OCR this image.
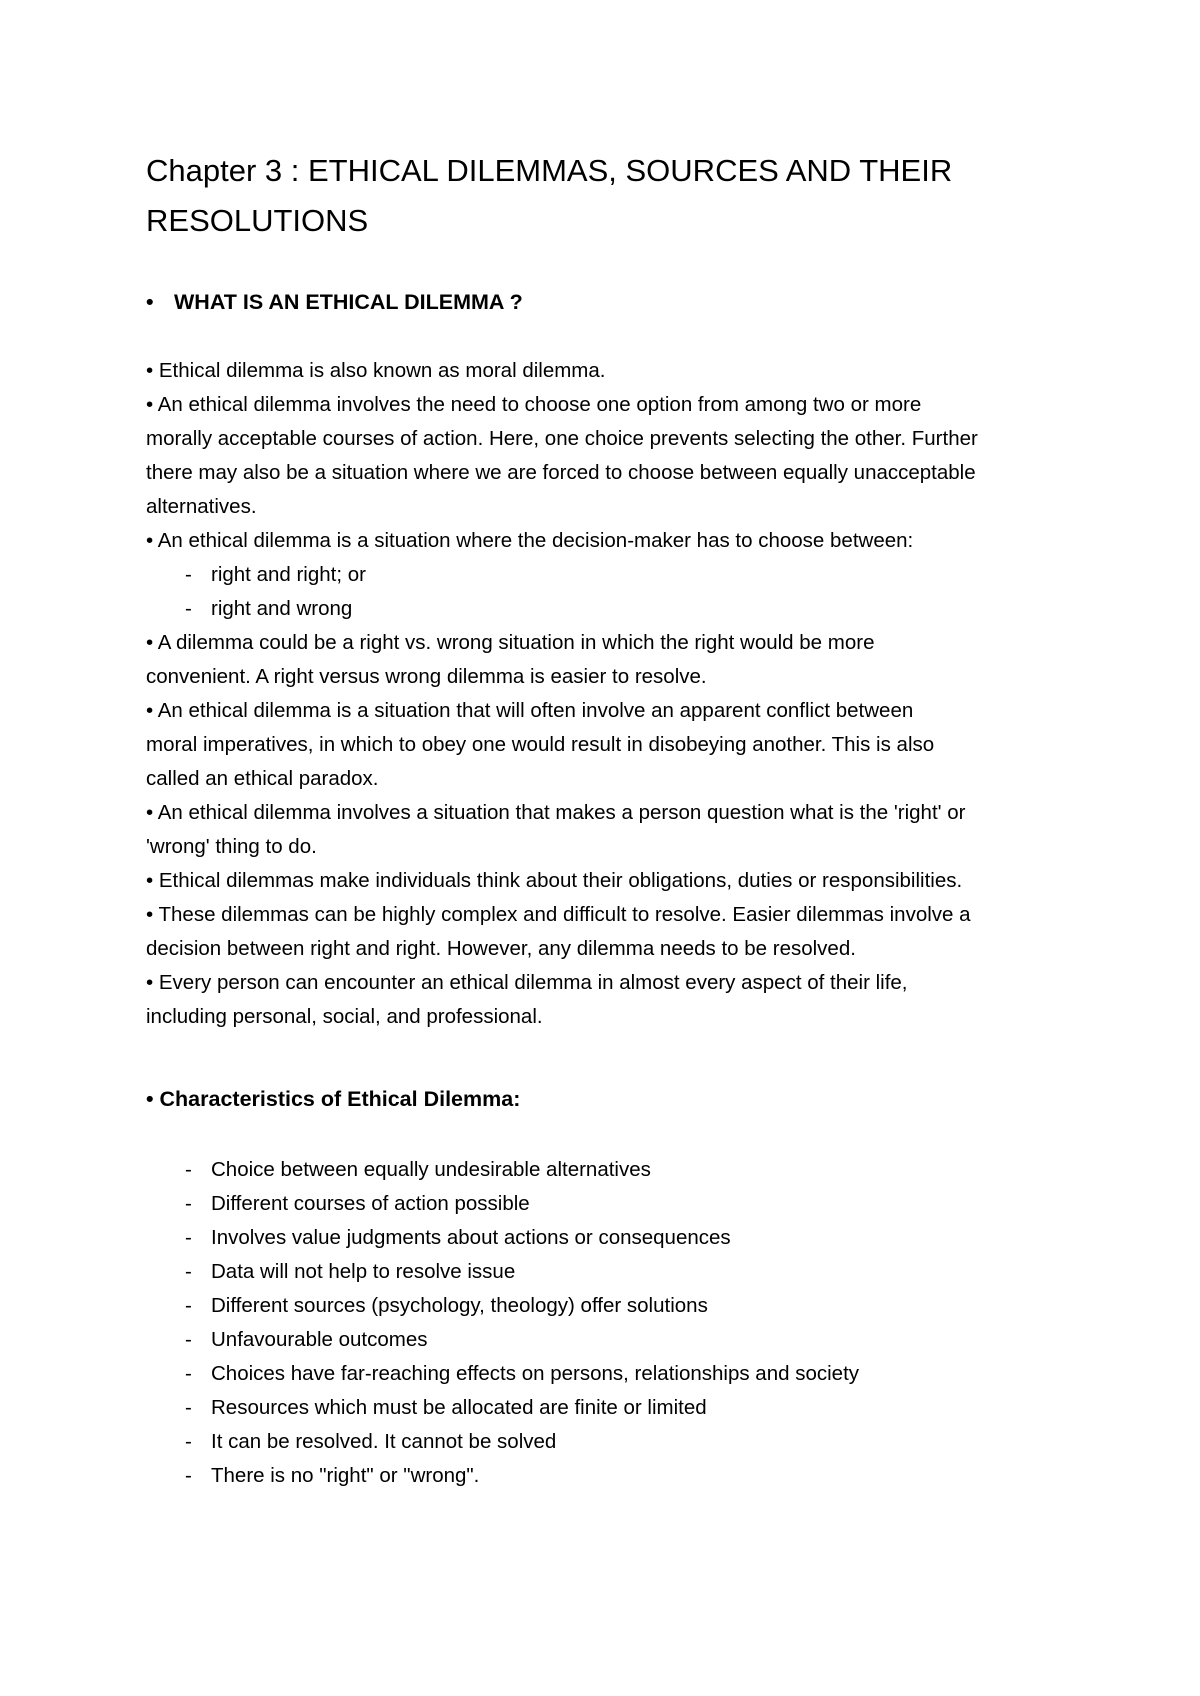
Chapter 3 : ETHICAL DILEMMAS, SOURCES AND THEIR
RESOLUTIONS
• WHAT IS AN ETHICAL DILEMMA ?
• Ethical dilemma is also known as moral dilemma.
• An ethical dilemma involves the need to choose one option from among two or more
morally acceptable courses of action. Here, one choice prevents selecting the other. Further
there may also be a situation where we are forced to choose between equally unacceptable
alternatives.
• An ethical dilemma is a situation where the decision-maker has to choose between:
- right and right; or
- right and wrong
• A dilemma could be a right vs. wrong situation in which the right would be more
convenient. A right versus wrong dilemma is easier to resolve.
• An ethical dilemma is a situation that will often involve an apparent conflict between
moral imperatives, in which to obey one would result in disobeying another. This is also
called an ethical paradox.
• An ethical dilemma involves a situation that makes a person question what is the 'right' or
'wrong' thing to do.
• Ethical dilemmas make individuals think about their obligations, duties or responsibilities.
• These dilemmas can be highly complex and difficult to resolve. Easier dilemmas involve a
decision between right and right. However, any dilemma needs to be resolved.
• Every person can encounter an ethical dilemma in almost every aspect of their life,
including personal, social, and professional.
• Characteristics of Ethical Dilemma:
- Choice between equally undesirable alternatives
- Different courses of action possible
- Involves value judgments about actions or consequences
- Data will not help to resolve issue
- Different sources (psychology, theology) offer solutions
- Unfavourable outcomes
- Choices have far-reaching effects on persons, relationships and society
- Resources which must be allocated are finite or limited
- It can be resolved. It cannot be solved
- There is no "right" or "wrong".
